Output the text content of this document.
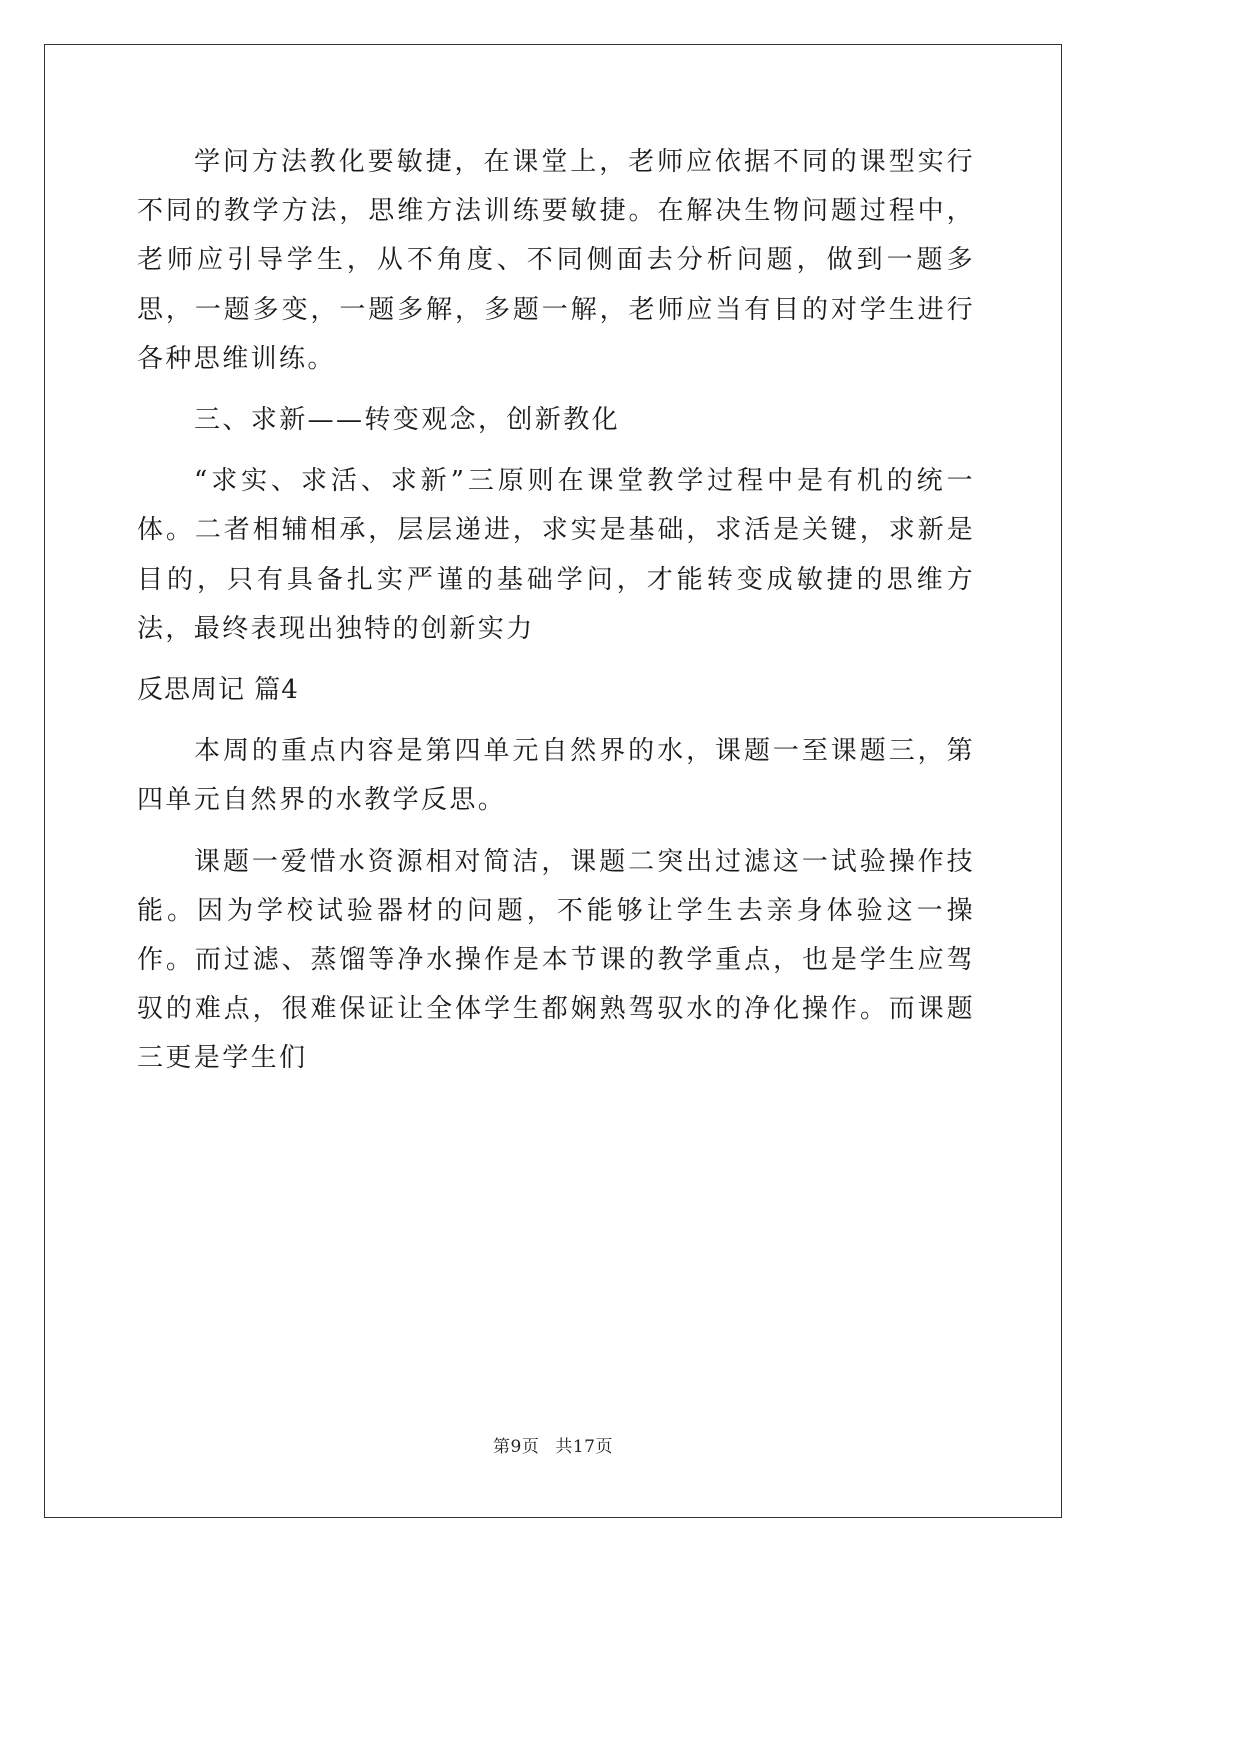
学问方法教化要敏捷，在课堂上，老师应依据不同的课型实行不同的教学方法，思维方法训练要敏捷。在解决生物问题过程中，老师应引导学生，从不角度、不同侧面去分析问题，做到一题多思，一题多变，一题多解，多题一解，老师应当有目的对学生进行各种思维训练。

三、求新——转变观念，创新教化

“求实、求活、求新”三原则在课堂教学过程中是有机的统一体。二者相辅相承，层层递进，求实是基础，求活是关键，求新是目的，只有具备扎实严谨的基础学问，才能转变成敏捷的思维方法，最终表现出独特的创新实力

反思周记 篇4

本周的重点内容是第四单元自然界的水，课题一至课题三，第四单元自然界的水教学反思。

课题一爱惜水资源相对简洁，课题二突出过滤这一试验操作技能。因为学校试验器材的问题，不能够让学生去亲身体验这一操作。而过滤、蒸馏等净水操作是本节课的教学重点，也是学生应驾驭的难点，很难保证让全体学生都娴熟驾驭水的净化操作。而课题三更是学生们

第9页 共17页
